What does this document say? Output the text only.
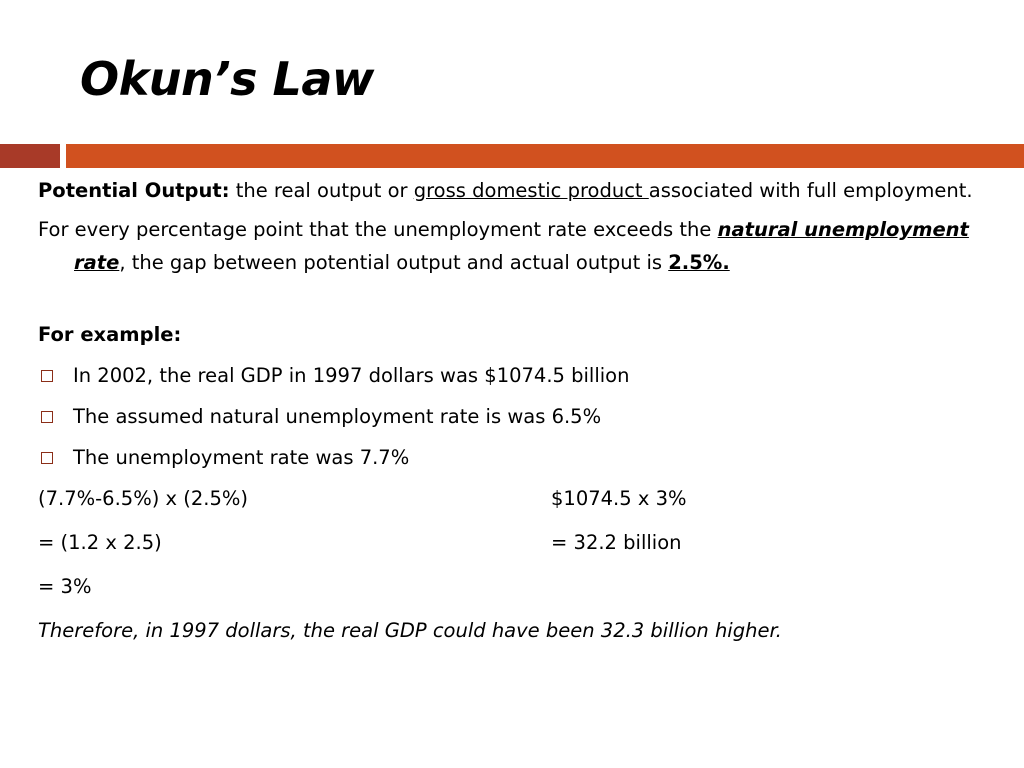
Okun’s Law

Potential Output: the real output or gross domestic product associated with full employment.

For every percentage point that the unemployment rate exceeds the natural unemployment rate, the gap between potential output and actual output is 2.5%.

For example:

In 2002, the real GDP in 1997 dollars was $1074.5 billion
The assumed natural unemployment rate is was 6.5%
The unemployment rate was 7.7%
(7.7%-6.5%) x (2.5%)	$1074.5 x 3%
= (1.2 x 2.5)	= 32.2 billion
= 3%

Therefore, in 1997 dollars, the real GDP could have been 32.3 billion higher.
